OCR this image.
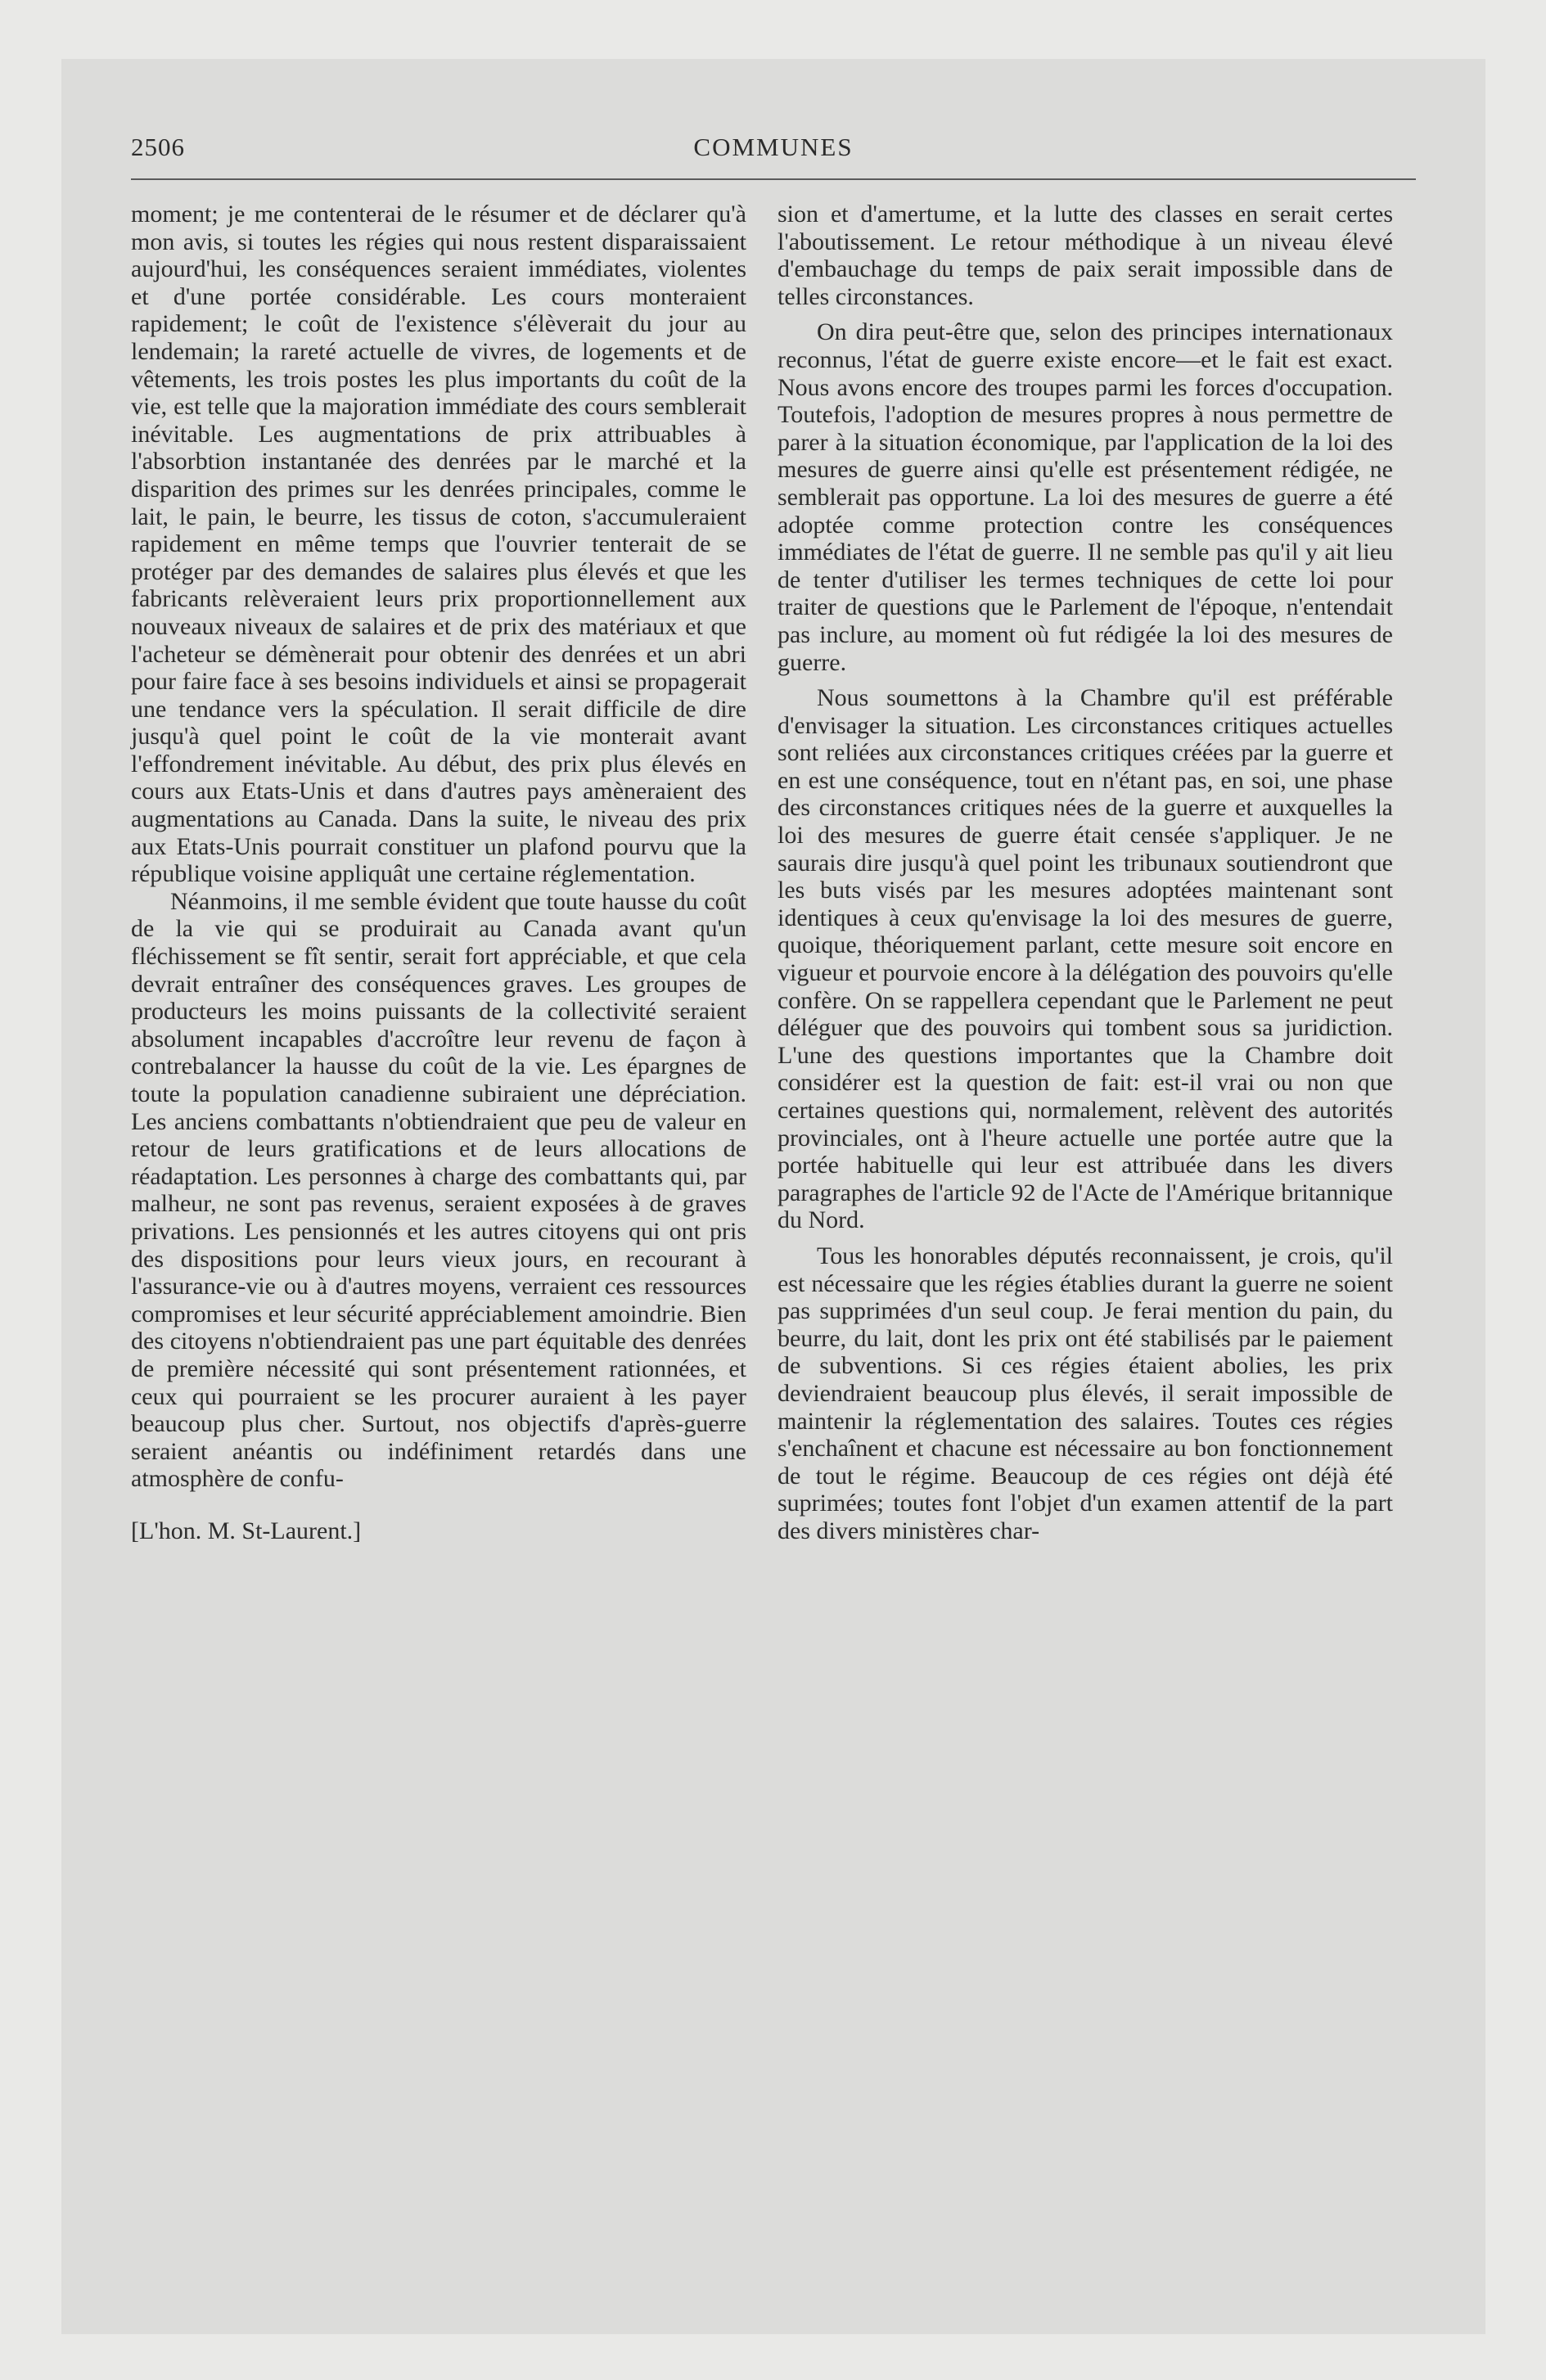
2506	COMMUNES

moment; je me contenterai de le résumer et de déclarer qu'à mon avis, si toutes les régies qui nous restent disparaissaient aujourd'hui, les conséquences seraient immédiates, violentes et d'une portée considérable. Les cours monteraient rapidement; le coût de l'existence s'élèverait du jour au lendemain; la rareté actuelle de vivres, de logements et de vêtements, les trois postes les plus importants du coût de la vie, est telle que la majoration immédiate des cours semblerait inévitable. Les augmentations de prix attribuables à l'absorbtion instantanée des denrées par le marché et la disparition des primes sur les denrées principales, comme le lait, le pain, le beurre, les tissus de coton, s'accumuleraient rapidement en même temps que l'ouvrier tenterait de se protéger par des demandes de salaires plus élevés et que les fabricants relèveraient leurs prix proportionnellement aux nouveaux niveaux de salaires et de prix des matériaux et que l'acheteur se démènerait pour obtenir des denrées et un abri pour faire face à ses besoins individuels et ainsi se propagerait une tendance vers la spéculation. Il serait difficile de dire jusqu'à quel point le coût de la vie monterait avant l'effondrement inévitable. Au début, des prix plus élevés en cours aux Etats-Unis et dans d'autres pays amèneraient des augmentations au Canada. Dans la suite, le niveau des prix aux Etats-Unis pourrait constituer un plafond pourvu que la république voisine appliquât une certaine réglementation.

Néanmoins, il me semble évident que toute hausse du coût de la vie qui se produirait au Canada avant qu'un fléchissement se fît sentir, serait fort appréciable, et que cela devrait entraîner des conséquences graves. Les groupes de producteurs les moins puissants de la collectivité seraient absolument incapables d'accroître leur revenu de façon à contrebalancer la hausse du coût de la vie. Les épargnes de toute la population canadienne subiraient une dépréciation. Les anciens combattants n'obtiendraient que peu de valeur en retour de leurs gratifications et de leurs allocations de réadaptation. Les personnes à charge des combattants qui, par malheur, ne sont pas revenus, seraient exposées à de graves privations. Les pensionnés et les autres citoyens qui ont pris des dispositions pour leurs vieux jours, en recourant à l'assurance-vie ou à d'autres moyens, verraient ces ressources compromises et leur sécurité appréciablement amoindrie. Bien des citoyens n'obtiendraient pas une part équitable des denrées de première nécessité qui sont présentement rationnées, et ceux qui pourraient se les procurer auraient à les payer beaucoup plus cher. Surtout, nos objectifs d'après-guerre seraient anéantis ou indéfiniment retardés dans une atmosphère de confu-

[L'hon. M. St-Laurent.]

sion et d'amertume, et la lutte des classes en serait certes l'aboutissement. Le retour méthodique à un niveau élevé d'embauchage du temps de paix serait impossible dans de telles circonstances.

On dira peut-être que, selon des principes internationaux reconnus, l'état de guerre existe encore—et le fait est exact. Nous avons encore des troupes parmi les forces d'occupation. Toutefois, l'adoption de mesures propres à nous permettre de parer à la situation économique, par l'application de la loi des mesures de guerre ainsi qu'elle est présentement rédigée, ne semblerait pas opportune. La loi des mesures de guerre a été adoptée comme protection contre les conséquences immédiates de l'état de guerre. Il ne semble pas qu'il y ait lieu de tenter d'utiliser les termes techniques de cette loi pour traiter de questions que le Parlement de l'époque, n'entendait pas inclure, au moment où fut rédigée la loi des mesures de guerre.

Nous soumettons à la Chambre qu'il est préférable d'envisager la situation. Les circonstances critiques actuelles sont reliées aux circonstances critiques créées par la guerre et en est une conséquence, tout en n'étant pas, en soi, une phase des circonstances critiques nées de la guerre et auxquelles la loi des mesures de guerre était censée s'appliquer. Je ne saurais dire jusqu'à quel point les tribunaux soutiendront que les buts visés par les mesures adoptées maintenant sont identiques à ceux qu'envisage la loi des mesures de guerre, quoique, théoriquement parlant, cette mesure soit encore en vigueur et pourvoie encore à la délégation des pouvoirs qu'elle confère. On se rappellera cependant que le Parlement ne peut déléguer que des pouvoirs qui tombent sous sa juridiction. L'une des questions importantes que la Chambre doit considérer est la question de fait: est-il vrai ou non que certaines questions qui, normalement, relèvent des autorités provinciales, ont à l'heure actuelle une portée autre que la portée habituelle qui leur est attribuée dans les divers paragraphes de l'article 92 de l'Acte de l'Amérique britannique du Nord.

Tous les honorables députés reconnaissent, je crois, qu'il est nécessaire que les régies établies durant la guerre ne soient pas supprimées d'un seul coup. Je ferai mention du pain, du beurre, du lait, dont les prix ont été stabilisés par le paiement de subventions. Si ces régies étaient abolies, les prix deviendraient beaucoup plus élevés, il serait impossible de maintenir la réglementation des salaires. Toutes ces régies s'enchaînent et chacune est nécessaire au bon fonctionnement de tout le régime. Beaucoup de ces régies ont déjà été suprimées; toutes font l'objet d'un examen attentif de la part des divers ministères char-
